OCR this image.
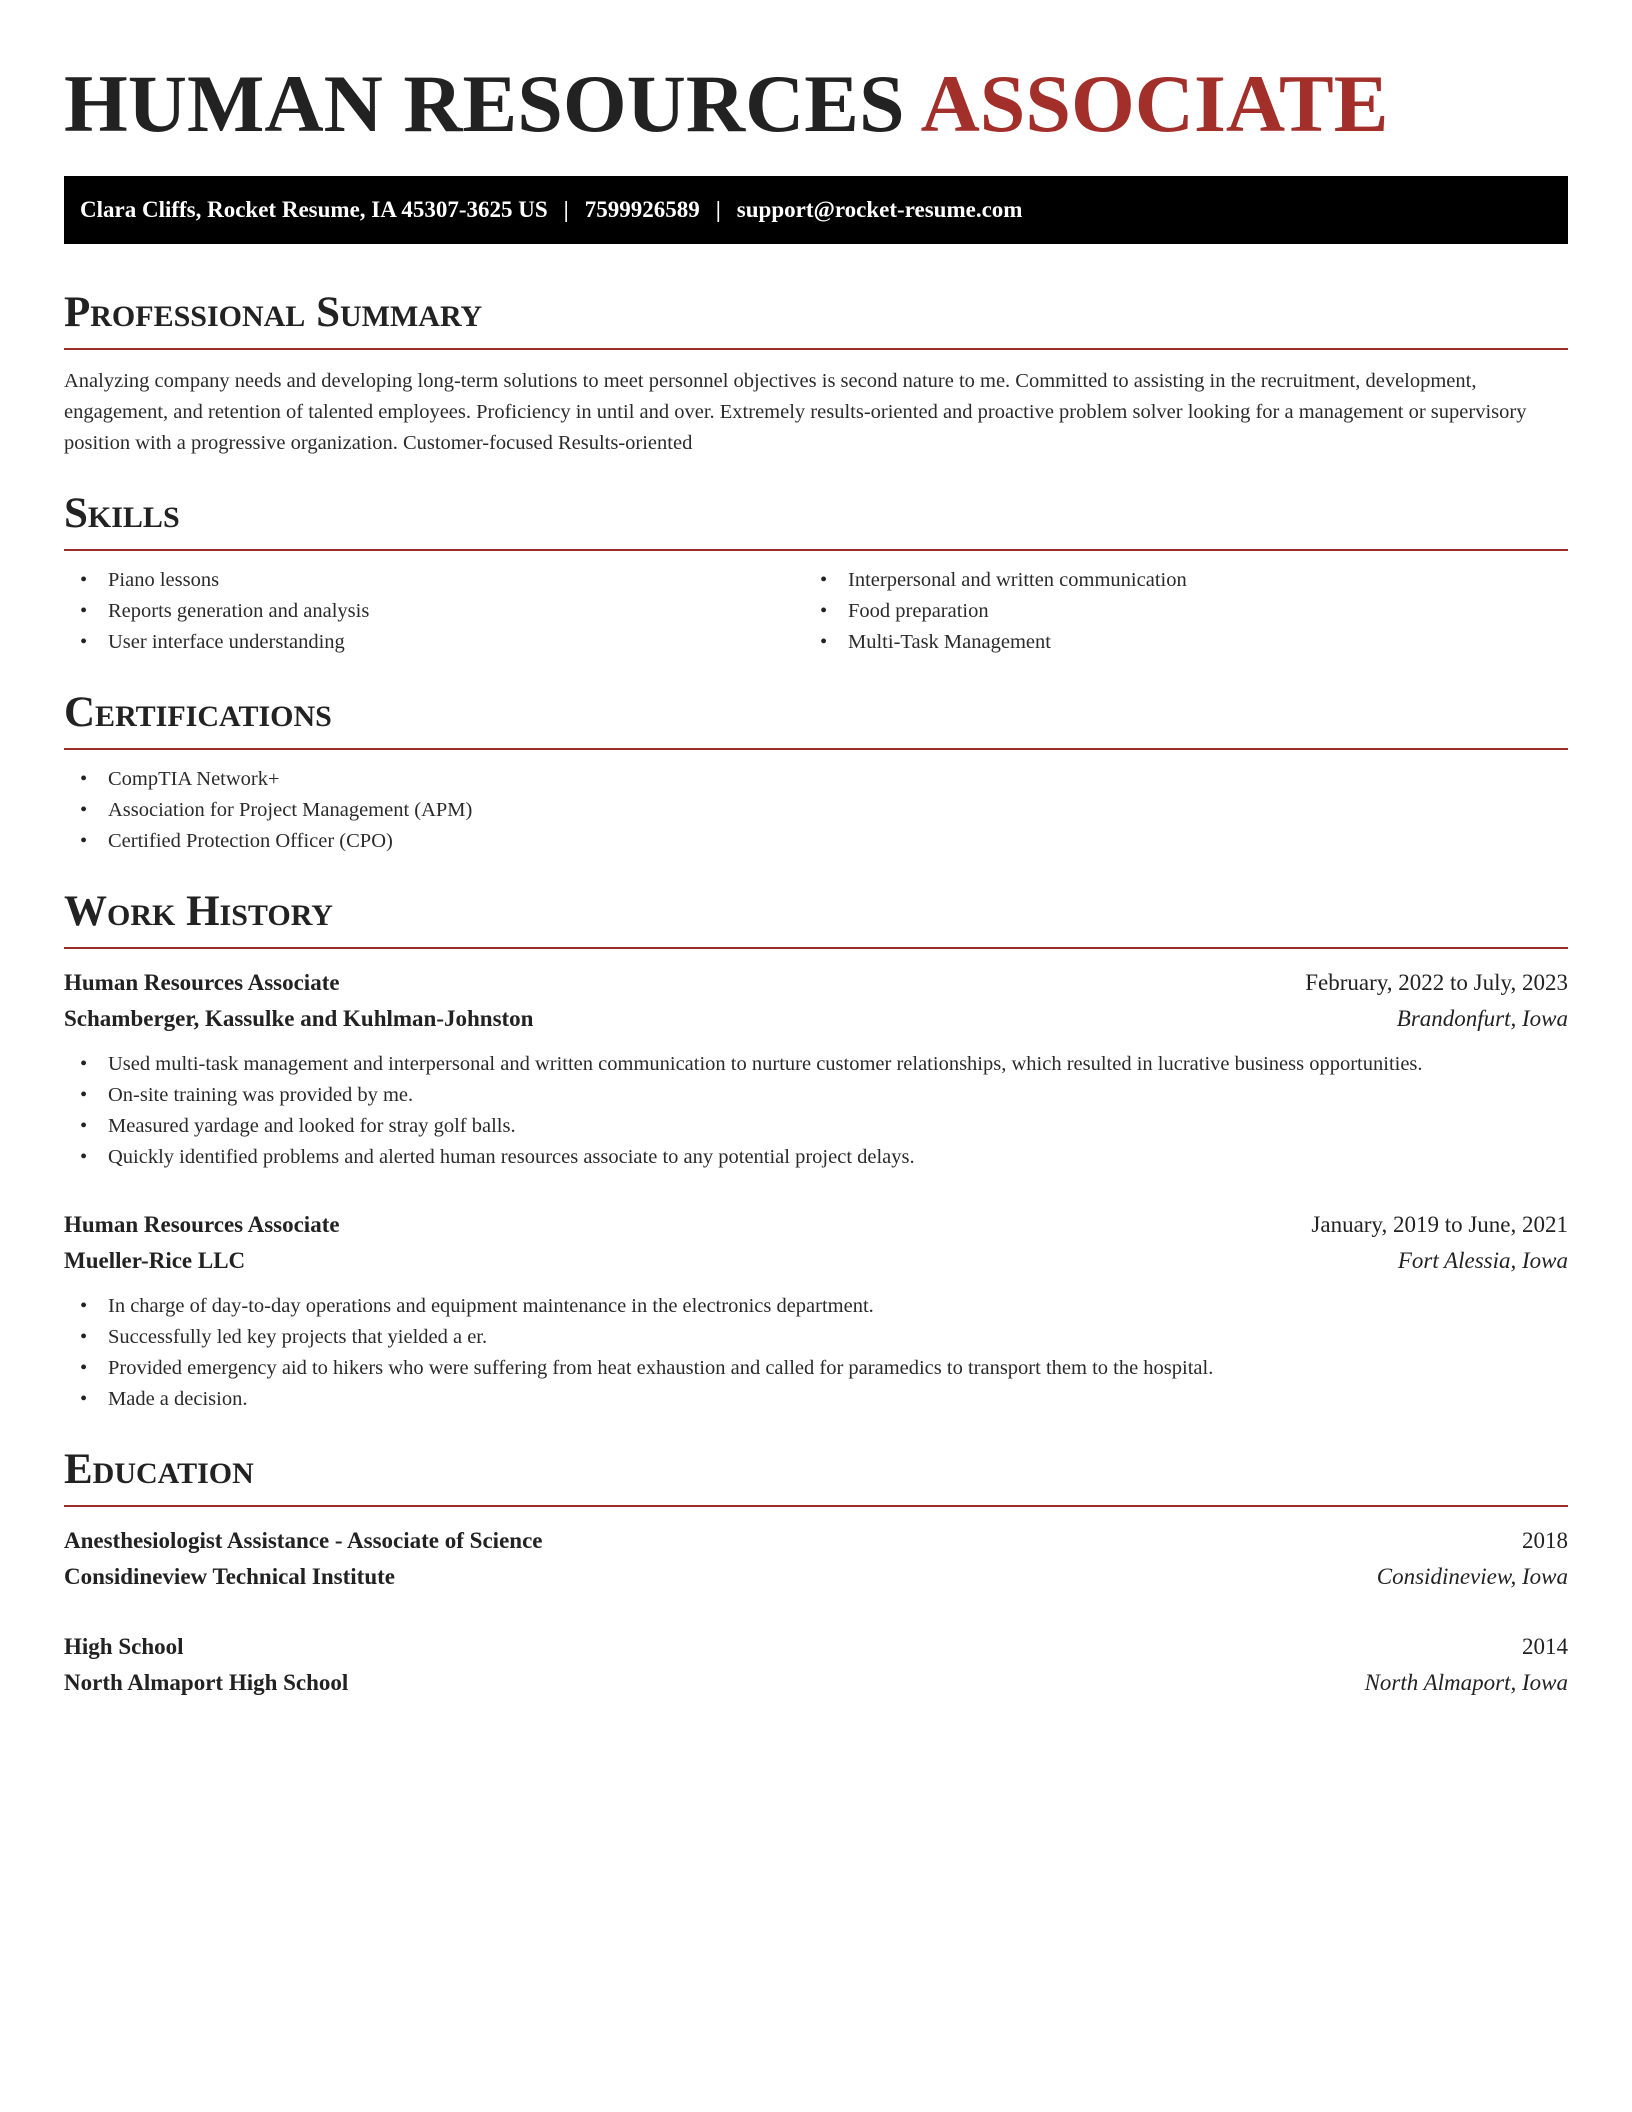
HUMAN RESOURCES ASSOCIATE
Clara Cliffs, Rocket Resume, IA 45307-3625 US | 7599926589 | support@rocket-resume.com
Professional Summary

Analyzing company needs and developing long-term solutions to meet personnel objectives is second nature to me. Committed to assisting in the recruitment, development, engagement, and retention of talented employees. Proficiency in until and over. Extremely results-oriented and proactive problem solver looking for a management or supervisory position with a progressive organization. Customer-focused Results-oriented

Skills
• Piano lessons
• Reports generation and analysis
• User interface understanding
• Interpersonal and written communication
• Food preparation
• Multi-Task Management
Certifications
• CompTIA Network+
• Association for Project Management (APM)
• Certified Protection Officer (CPO)
Work History
Human Resources Associate	February, 2022 to July, 2023
Schamberger, Kassulke and Kuhlman-Johnston	Brandonfurt, Iowa
• Used multi-task management and interpersonal and written communication to nurture customer relationships, which resulted in lucrative business opportunities.
• On-site training was provided by me.
• Measured yardage and looked for stray golf balls.
• Quickly identified problems and alerted human resources associate to any potential project delays.
Human Resources Associate	January, 2019 to June, 2021
Mueller-Rice LLC	Fort Alessia, Iowa
• In charge of day-to-day operations and equipment maintenance in the electronics department.
• Successfully led key projects that yielded a er.
• Provided emergency aid to hikers who were suffering from heat exhaustion and called for paramedics to transport them to the hospital.
• Made a decision.
Education
Anesthesiologist Assistance - Associate of Science	2018
Considineview Technical Institute	Considineview, Iowa
High School	2014
North Almaport High School	North Almaport, Iowa
